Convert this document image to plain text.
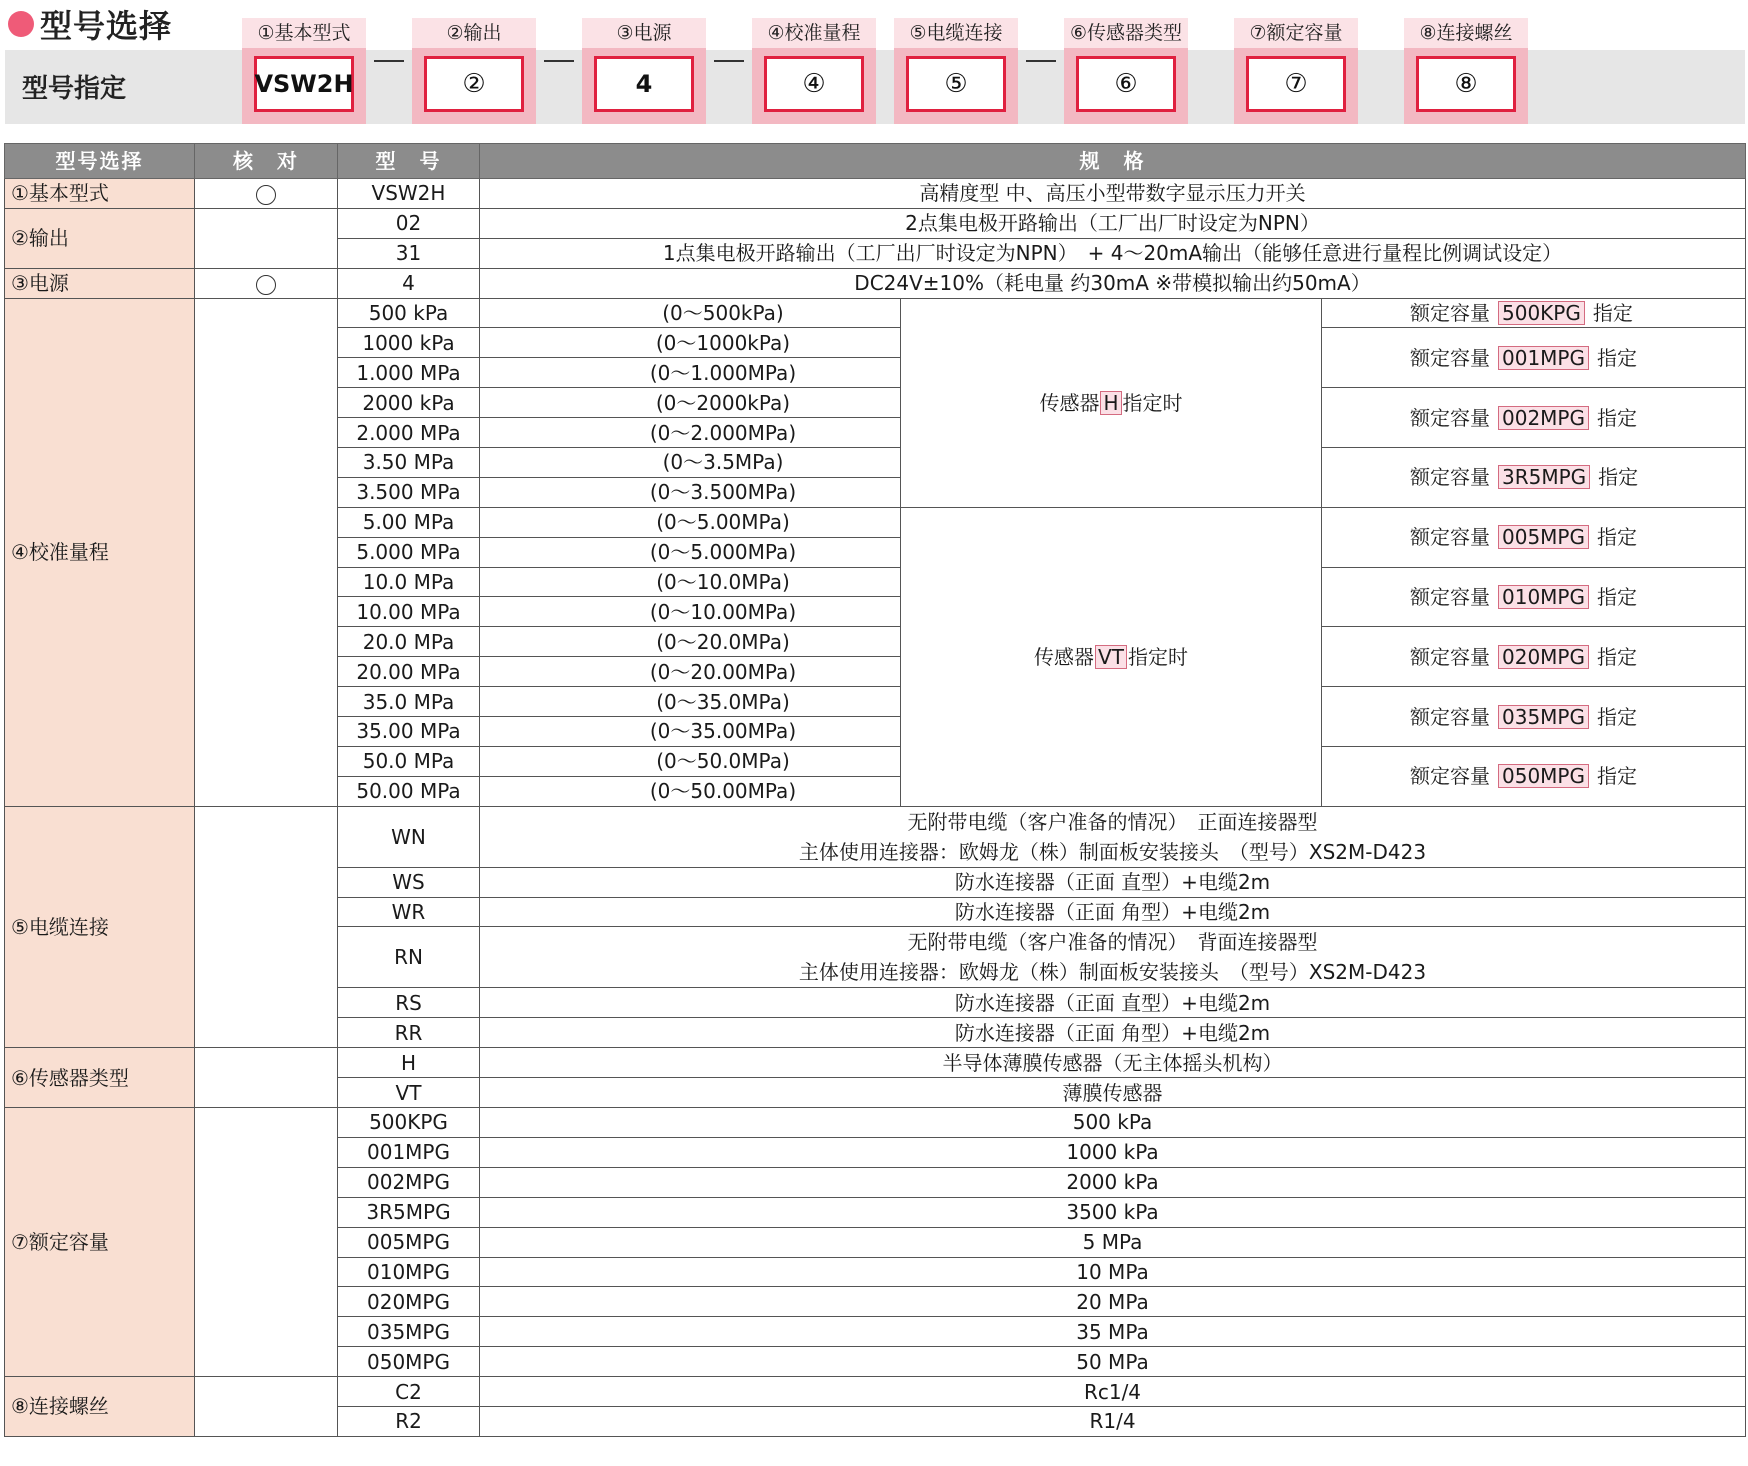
型号选择
型号指定
①基本型式
VSW2H
②输出
②
③电源
4
④校准量程
④
⑤电缆连接
⑤
⑥传感器类型
⑥
⑦额定容量
⑦
⑧连接螺丝
⑧
型号选择	核　对	型　号	规　格		
①基本型式		VSW2H	高精度型 中、高压小型带数字显示压力开关		
②输出		02	2点集电极开路输出（工厂出厂时设定为NPN）		
		31	1点集电极开路输出（工厂出厂时设定为NPN）　+ 4～20mA输出（能够任意进行量程比例调试设定）		
③电源		4	DC24V±10%（耗电量 约30mA ※带模拟输出约50mA）		
④校准量程		500 kPa	(0～500kPa)	传感器 H 指定时	额定容量 500KPG 指定
		1000 kPa	(0～1000kPa)		额定容量 001MPG 指定
		1.000 MPa	(0～1.000MPa)		
		2000 kPa	(0～2000kPa)		额定容量 002MPG 指定
		2.000 MPa	(0～2.000MPa)		
		3.50 MPa	(0～3.5MPa)		额定容量 3R5MPG 指定
		3.500 MPa	(0～3.500MPa)		
		5.00 MPa	(0～5.00MPa)	传感器 VT 指定时	额定容量 005MPG 指定
		5.000 MPa	(0～5.000MPa)		
		10.0 MPa	(0～10.0MPa)		额定容量 010MPG 指定
		10.00 MPa	(0～10.00MPa)		
		20.0 MPa	(0～20.0MPa)		额定容量 020MPG 指定
		20.00 MPa	(0～20.00MPa)		
		35.0 MPa	(0～35.0MPa)		额定容量 035MPG 指定
		35.00 MPa	(0～35.00MPa)		
		50.0 MPa	(0～50.0MPa)		额定容量 050MPG 指定
		50.00 MPa	(0～50.00MPa)		
⑤电缆连接		WN	无附带电缆（客户准备的情况）　正面连接器型
主体使用连接器：欧姆龙（株）制面板安装接头　（型号）XS2M-D423		

		WS	防水连接器（正面 直型）+电缆2m		
		WR	防水连接器（正面 角型）+电缆2m		
		RN	无附带电缆（客户准备的情况）　背面连接器型
主体使用连接器：欧姆龙（株）制面板安装接头　（型号）XS2M-D423		

		RS	防水连接器（正面 直型）+电缆2m		
		RR	防水连接器（正面 角型）+电缆2m		
⑥传感器类型		H	半导体薄膜传感器（无主体摇头机构）		
		VT	薄膜传感器		
⑦额定容量		500KPG	500 kPa		
		001MPG	1000 kPa		
		002MPG	2000 kPa		
		3R5MPG	3500 kPa		
		005MPG	5 MPa		
		010MPG	10 MPa		
		020MPG	20 MPa		
		035MPG	35 MPa		
		050MPG	50 MPa		
⑧连接螺丝		C2	Rc1/4		
		R2	R1/4		
